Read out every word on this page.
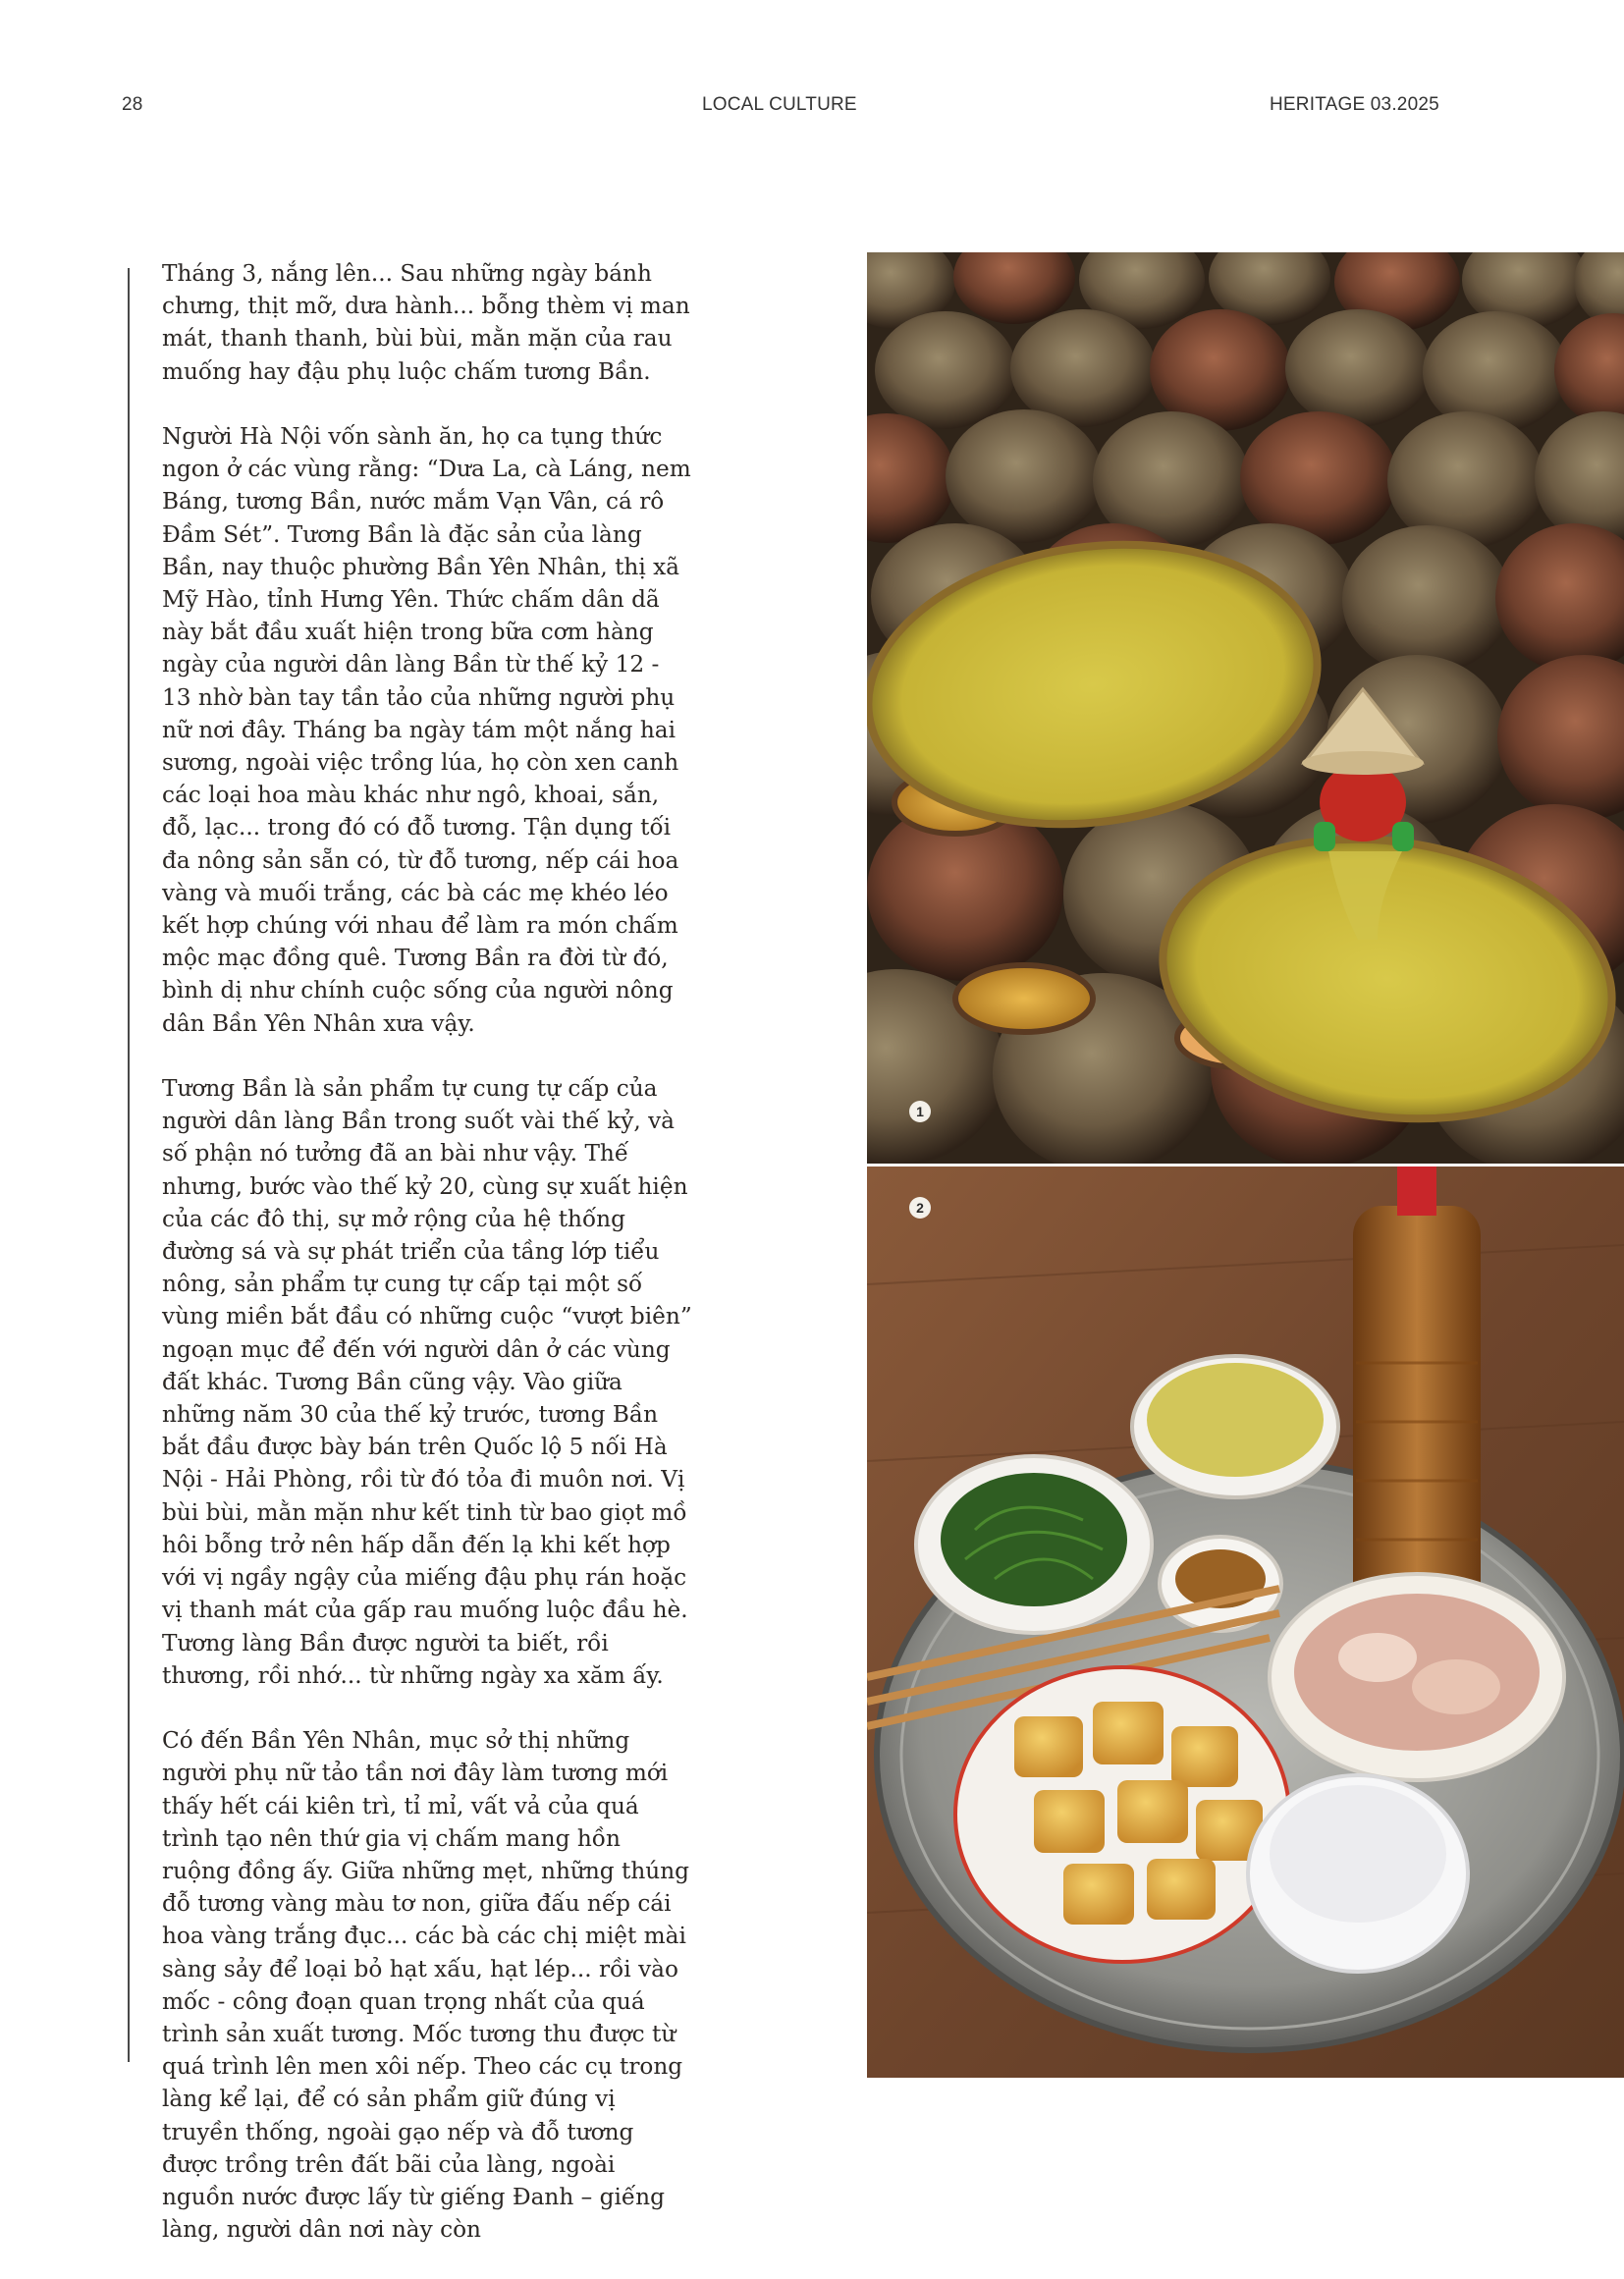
28	LOCAL CULTURE	HERITAGE 03.2025

Tháng 3, nắng lên... Sau những ngày bánh chưng, thịt mỡ, dưa hành... bỗng thèm vị man mát, thanh thanh, bùi bùi, mằn mặn của rau muống hay đậu phụ luộc chấm tương Bần.

Người Hà Nội vốn sành ăn, họ ca tụng thức ngon ở các vùng rằng: “Dưa La, cà Láng, nem Báng, tương Bần, nước mắm Vạn Vân, cá rô Đầm Sét”. Tương Bần là đặc sản của làng Bần, nay thuộc phường Bần Yên Nhân, thị xã Mỹ Hào, tỉnh Hưng Yên. Thức chấm dân dã này bắt đầu xuất hiện trong bữa cơm hàng ngày của người dân làng Bần từ thế kỷ 12 - 13 nhờ bàn tay tần tảo của những người phụ nữ nơi đây. Tháng ba ngày tám một nắng hai sương, ngoài việc trồng lúa, họ còn xen canh các loại hoa màu khác như ngô, khoai, sắn, đỗ, lạc... trong đó có đỗ tương. Tận dụng tối đa nông sản sẵn có, từ đỗ tương, nếp cái hoa vàng và muối trắng, các bà các mẹ khéo léo kết hợp chúng với nhau để làm ra món chấm mộc mạc đồng quê. Tương Bần ra đời từ đó, bình dị như chính cuộc sống của người nông dân Bần Yên Nhân xưa vậy.

Tương Bần là sản phẩm tự cung tự cấp của người dân làng Bần trong suốt vài thế kỷ, và số phận nó tưởng đã an bài như vậy. Thế nhưng, bước vào thế kỷ 20, cùng sự xuất hiện của các đô thị, sự mở rộng của hệ thống đường sá và sự phát triển của tầng lớp tiểu nông, sản phẩm tự cung tự cấp tại một số vùng miền bắt đầu có những cuộc “vượt biên” ngoạn mục để đến với người dân ở các vùng đất khác. Tương Bần cũng vậy. Vào giữa những năm 30 của thế kỷ trước, tương Bần bắt đầu được bày bán trên Quốc lộ 5 nối Hà Nội - Hải Phòng, rồi từ đó tỏa đi muôn nơi. Vị bùi bùi, mằn mặn như kết tinh từ bao giọt mồ hôi bỗng trở nên hấp dẫn đến lạ khi kết hợp với vị ngầy ngậy của miếng đậu phụ rán hoặc vị thanh mát của gấp rau muống luộc đầu hè. Tương làng Bần được người ta biết, rồi thương, rồi nhớ... từ những ngày xa xăm ấy.

Có đến Bần Yên Nhân, mục sở thị những người phụ nữ tảo tần nơi đây làm tương mới thấy hết cái kiên trì, tỉ mỉ, vất vả của quá trình tạo nên thứ gia vị chấm mang hồn ruộng đồng ấy. Giữa những mẹt, những thúng đỗ tương vàng màu tơ non, giữa đấu nếp cái hoa vàng trắng đục... các bà các chị miệt mài sàng sảy để loại bỏ hạt xấu, hạt lép... rồi vào mốc - công đoạn quan trọng nhất của quá trình sản xuất tương. Mốc tương thu được từ quá trình lên men xôi nếp. Theo các cụ trong làng kể lại, để có sản phẩm giữ đúng vị truyền thống, ngoài gạo nếp và đỗ tương được trồng trên đất bãi của làng, ngoài nguồn nước được lấy từ giếng Đanh – giếng làng, người dân nơi này còn

1
2
